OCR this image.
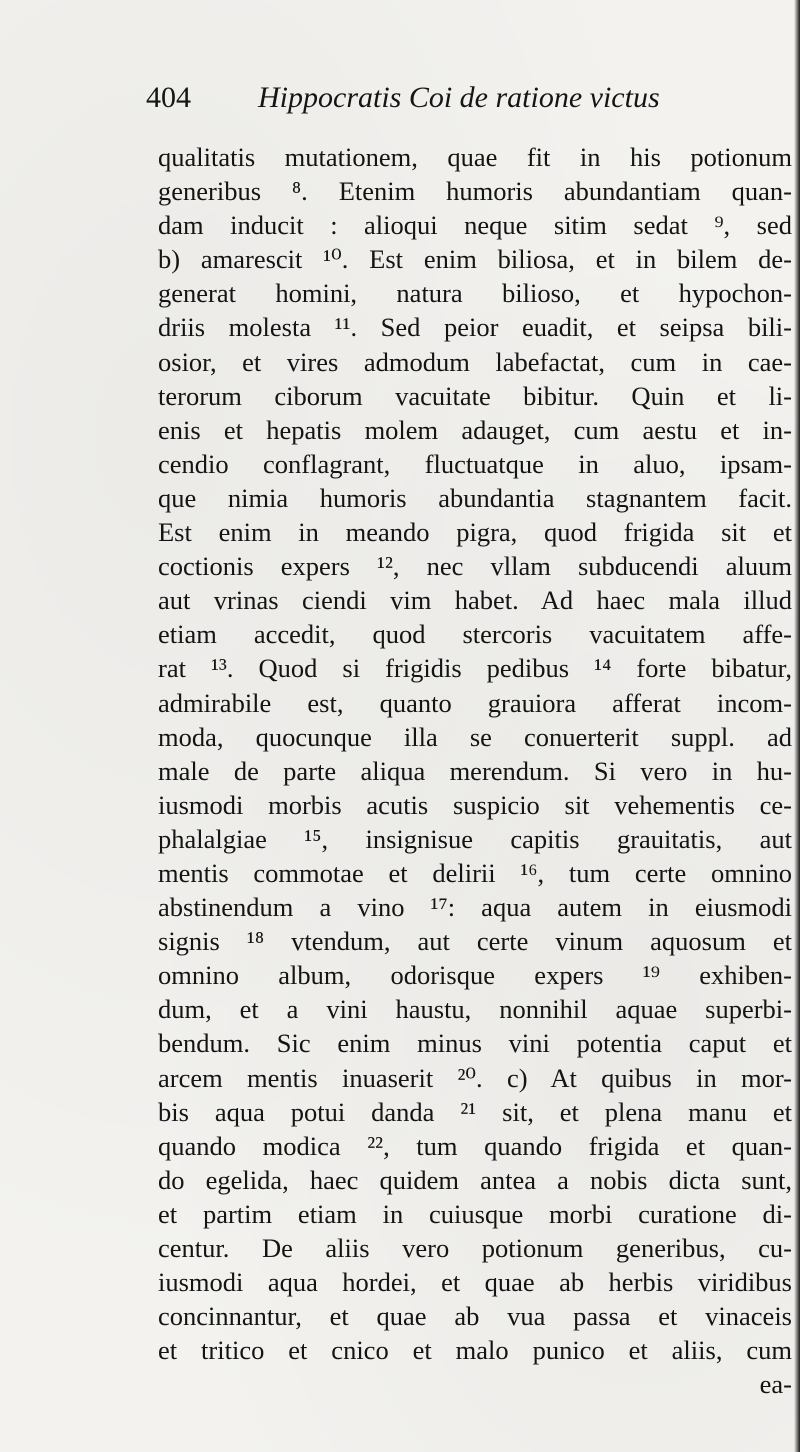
404 Hippocratis Coi de ratione victus
qualitatis mutationem, quae fit in his potionum
generibus ⁸. Etenim humoris abundantiam quan-
dam inducit : alioqui neque sitim sedat ⁹, sed
b) amarescit ¹⁰. Est enim biliosa, et in bilem de-
generat homini, natura bilioso, et hypochon-
driis molesta ¹¹. Sed peior euadit, et seipsa bili-
osior, et vires admodum labefactat, cum in cae-
terorum ciborum vacuitate bibitur. Quin et li-
enis et hepatis molem adauget, cum aestu et in-
cendio conflagrant, fluctuatque in aluo, ipsam-
que nimia humoris abundantia stagnantem facit.
Est enim in meando pigra, quod frigida sit et
coctionis expers ¹², nec vllam subducendi aluum
aut vrinas ciendi vim habet. Ad haec mala illud
etiam accedit, quod stercoris vacuitatem affe-
rat ¹³. Quod si frigidis pedibus ¹⁴ forte bibatur,
admirabile est, quanto grauiora afferat incom-
moda, quocunque illa se conuerterit suppl. ad
male de parte aliqua merendum. Si vero in hu-
iusmodi morbis acutis suspicio sit vehementis ce-
phalalgiae ¹⁵, insignisue capitis grauitatis, aut
mentis commotae et delirii ¹⁶, tum certe omnino
abstinendum a vino ¹⁷: aqua autem in eiusmodi
signis ¹⁸ vtendum, aut certe vinum aquosum et
omnino album, odorisque expers ¹⁹ exhiben-
dum, et a vini haustu, nonnihil aquae superbi-
bendum. Sic enim minus vini potentia caput et
arcem mentis inuaserit ²⁰. c) At quibus in mor-
bis aqua potui danda ²¹ sit, et plena manu et
quando modica ²², tum quando frigida et quan-
do egelida, haec quidem antea a nobis dicta sunt,
et partim etiam in cuiusque morbi curatione di-
centur. De aliis vero potionum generibus, cu-
iusmodi aqua hordei, et quae ab herbis viridibus
concinnantur, et quae ab vua passa et vinaceis
et tritico et cnico et malo punico et aliis, cum
ea-
